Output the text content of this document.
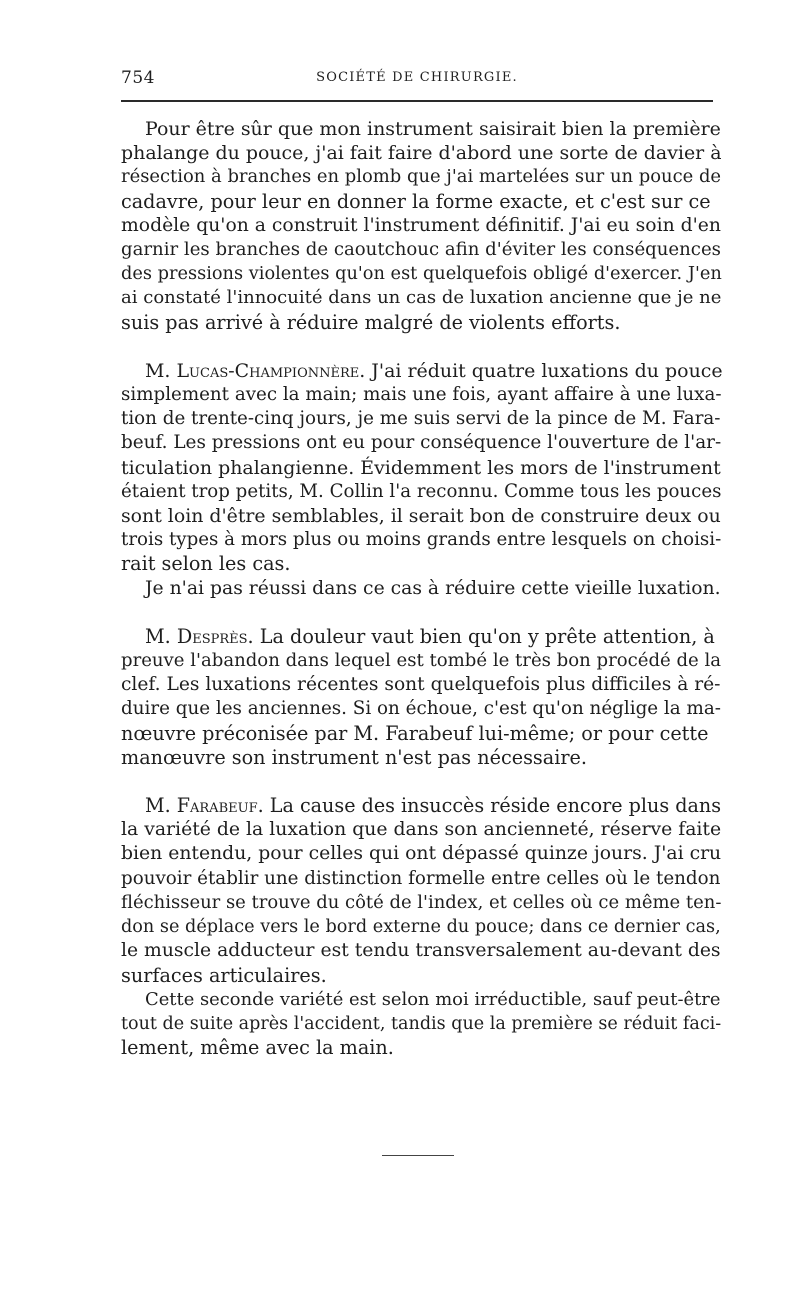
754	SOCIÉTÉ DE CHIRURGIE.
Pour être sûr que mon instrument saisirait bien la première
phalange du pouce, j'ai fait faire d'abord une sorte de davier à
résection à branches en plomb que j'ai martelées sur un pouce de
cadavre, pour leur en donner la forme exacte, et c'est sur ce
modèle qu'on a construit l'instrument définitif. J'ai eu soin d'en
garnir les branches de caoutchouc afin d'éviter les conséquences
des pressions violentes qu'on est quelquefois obligé d'exercer. J'en
ai constaté l'innocuité dans un cas de luxation ancienne que je ne
suis pas arrivé à réduire malgré de violents efforts.
M. Lucas-Championnère. J'ai réduit quatre luxations du pouce
simplement avec la main; mais une fois, ayant affaire à une luxa-
tion de trente-cinq jours, je me suis servi de la pince de M. Fara-
beuf. Les pressions ont eu pour conséquence l'ouverture de l'ar-
ticulation phalangienne. Évidemment les mors de l'instrument
étaient trop petits, M. Collin l'a reconnu. Comme tous les pouces
sont loin d'être semblables, il serait bon de construire deux ou
trois types à mors plus ou moins grands entre lesquels on choisi-
rait selon les cas.
Je n'ai pas réussi dans ce cas à réduire cette vieille luxation.
M. Desprès. La douleur vaut bien qu'on y prête attention, à
preuve l'abandon dans lequel est tombé le très bon procédé de la
clef. Les luxations récentes sont quelquefois plus difficiles à ré-
duire que les anciennes. Si on échoue, c'est qu'on néglige la ma-
nœuvre préconisée par M. Farabeuf lui-même; or pour cette
manœuvre son instrument n'est pas nécessaire.
M. Farabeuf. La cause des insuccès réside encore plus dans
la variété de la luxation que dans son ancienneté, réserve faite
bien entendu, pour celles qui ont dépassé quinze jours. J'ai cru
pouvoir établir une distinction formelle entre celles où le tendon
fléchisseur se trouve du côté de l'index, et celles où ce même ten-
don se déplace vers le bord externe du pouce; dans ce dernier cas,
le muscle adducteur est tendu transversalement au-devant des
surfaces articulaires.
Cette seconde variété est selon moi irréductible, sauf peut-être
tout de suite après l'accident, tandis que la première se réduit faci-
lement, même avec la main.
